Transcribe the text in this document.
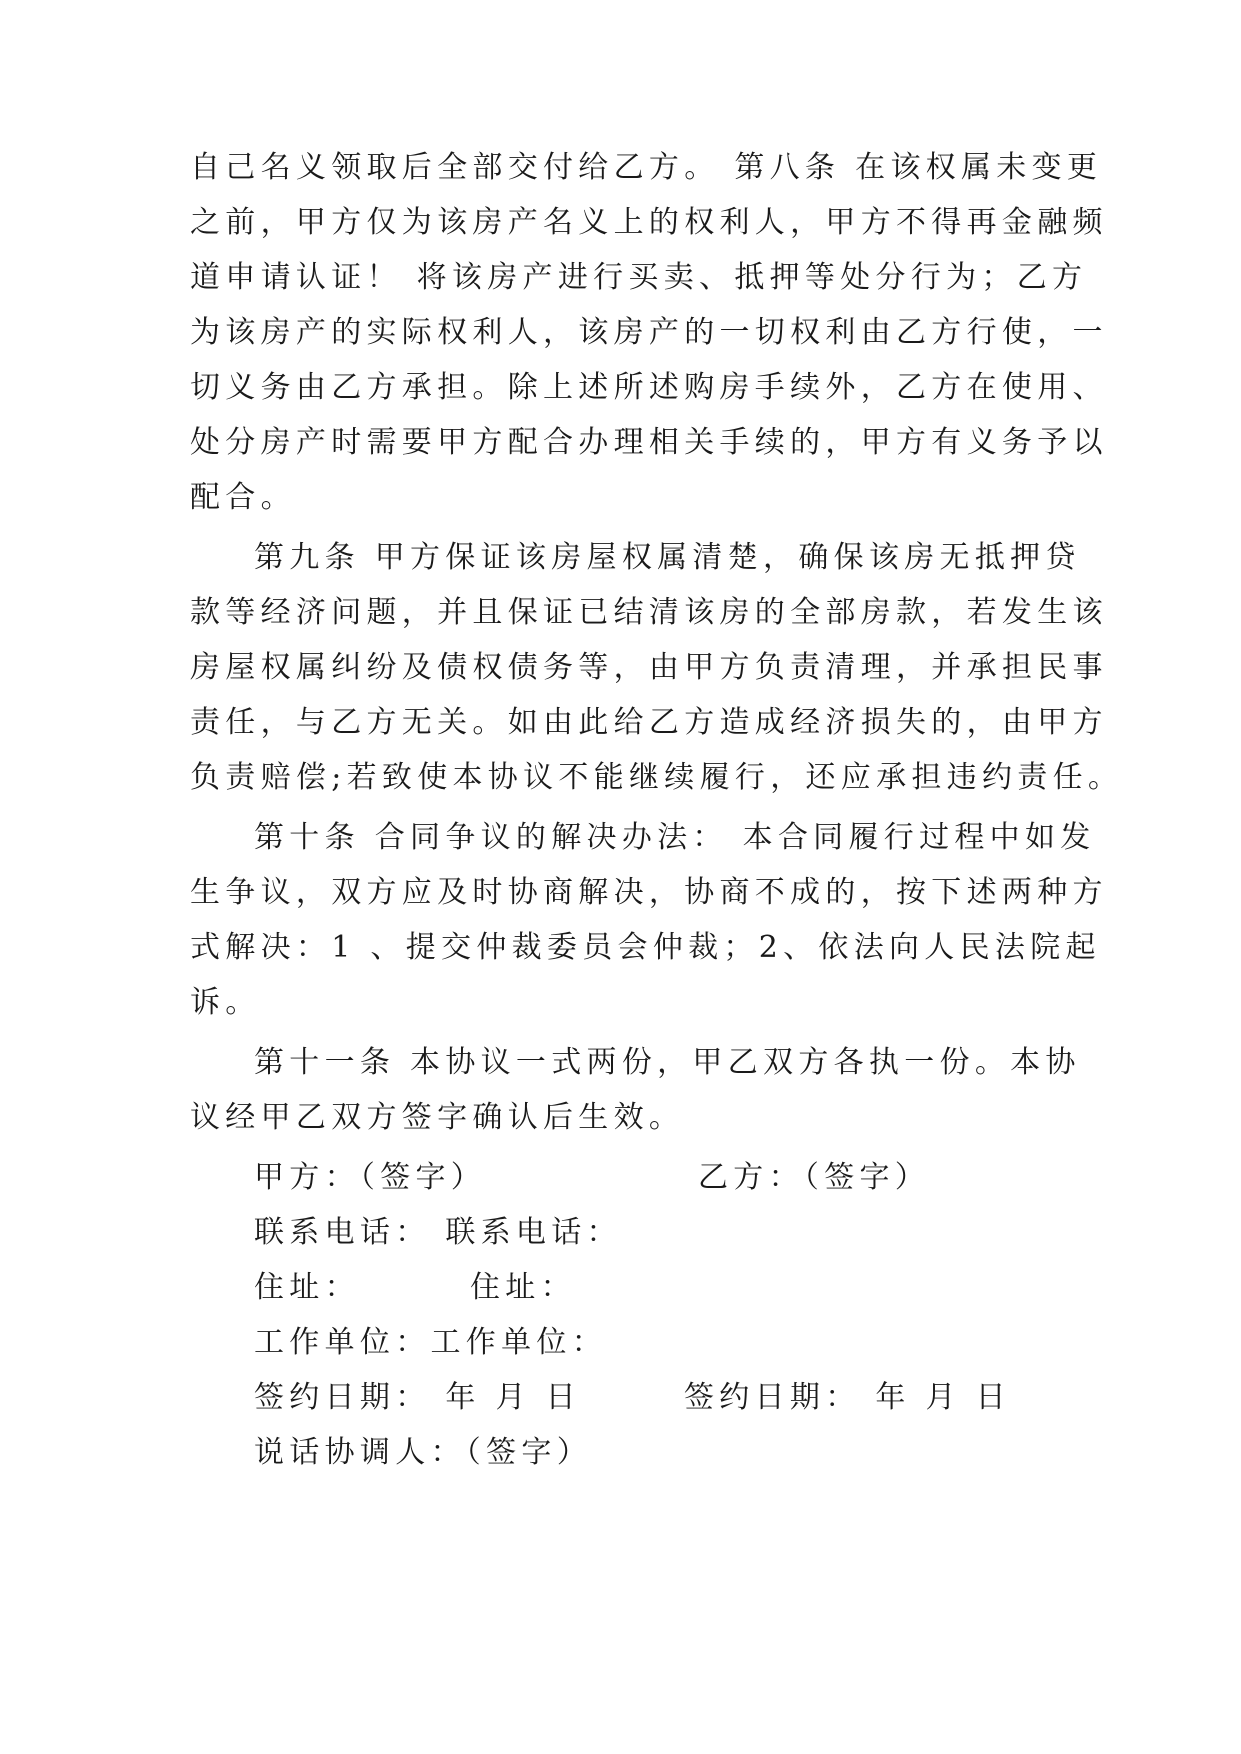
自己名义领取后全部交付给乙方。 第八条 在该权属未变更
之前，甲方仅为该房产名义上的权利人，甲方不得再金融频
道申请认证！ 将该房产进行买卖、抵押等处分行为；乙方
为该房产的实际权利人，该房产的一切权利由乙方行使，一
切义务由乙方承担。除上述所述购房手续外，乙方在使用、
处分房产时需要甲方配合办理相关手续的，甲方有义务予以
配合。
第九条 甲方保证该房屋权属清楚，确保该房无抵押贷
款等经济问题，并且保证已结清该房的全部房款，若发生该
房屋权属纠纷及债权债务等，由甲方负责清理，并承担民事
责任，与乙方无关。如由此给乙方造成经济损失的，由甲方
负责赔偿;若致使本协议不能继续履行，还应承担违约责任。
第十条 合同争议的解决办法： 本合同履行过程中如发
生争议，双方应及时协商解决，协商不成的，按下述两种方
式解决：1 、提交仲裁委员会仲裁；2、依法向人民法院起
诉。
第十一条 本协议一式两份，甲乙双方各执一份。本协
议经甲乙双方签字确认后生效。
甲方：（签字）	乙方：（签字）
联系电话： 联系电话：
住址：	住址：
工作单位：工作单位：
签约日期： 年 月 日	签约日期： 年 月 日
说话协调人：（签字）
